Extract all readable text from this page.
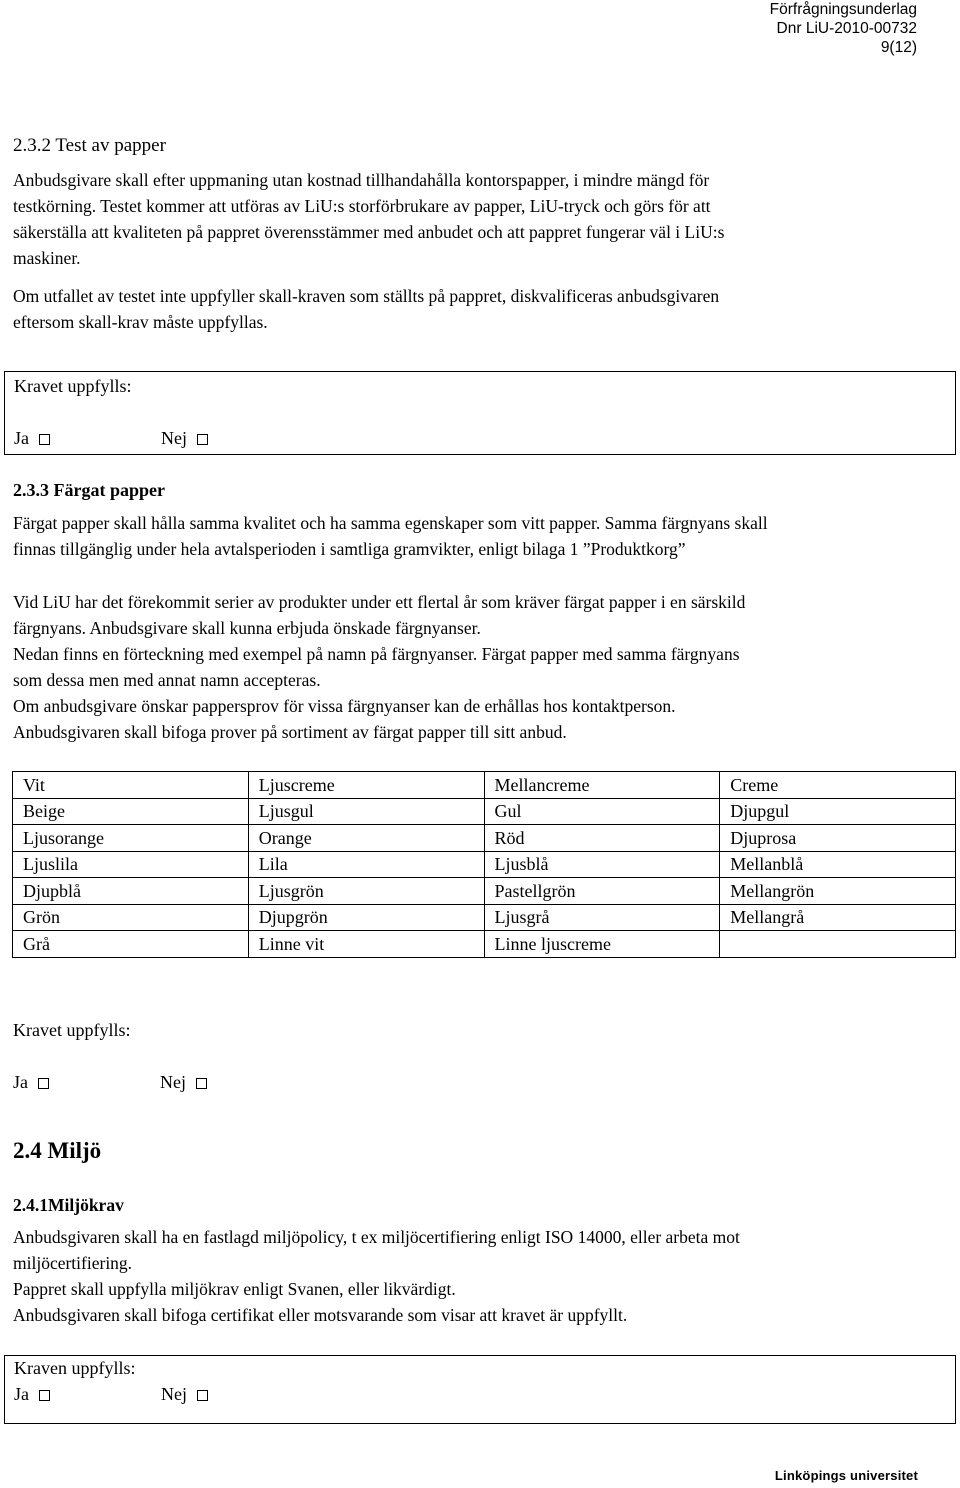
Förfrågningsunderlag
Dnr LiU-2010-00732
9(12)
2.3.2 Test av papper
Anbudsgivare skall efter uppmaning utan kostnad tillhandahålla kontorspapper, i mindre mängd för
testkörning. Testet kommer att utföras av LiU:s storförbrukare av papper, LiU-tryck och görs för att
säkerställa att kvaliteten på pappret överensstämmer med anbudet och att pappret fungerar väl i LiU:s
maskiner.
Om utfallet av testet inte uppfyller skall-kraven som ställts på pappret, diskvalificeras anbudsgivaren
eftersom skall-krav måste uppfyllas.
Kravet uppfylls:
Ja	Nej
2.3.3 Färgat papper
Färgat papper skall hålla samma kvalitet och ha samma egenskaper som vitt papper. Samma färgnyans skall
finnas tillgänglig under hela avtalsperioden i samtliga gramvikter, enligt bilaga 1 ”Produktkorg”
Vid LiU har det förekommit serier av produkter under ett flertal år som kräver färgat papper i en särskild
färgnyans. Anbudsgivare skall kunna erbjuda önskade färgnyanser.
Nedan finns en förteckning med exempel på namn på färgnyanser. Färgat papper med samma färgnyans
som dessa men med annat namn accepteras.
Om anbudsgivare önskar pappersprov för vissa färgnyanser kan de erhållas hos kontaktperson.
Anbudsgivaren skall bifoga prover på sortiment av färgat papper till sitt anbud.
Vit	Ljuscreme	Mellancreme	Creme
Beige	Ljusgul	Gul	Djupgul
Ljusorange	Orange	Röd	Djuprosa
Ljuslila	Lila	Ljusblå	Mellanblå
Djupblå	Ljusgrön	Pastellgrön	Mellangrön
Grön	Djupgrön	Ljusgrå	Mellangrå
Grå	Linne vit	Linne ljuscreme	
Kravet uppfylls:
Ja	Nej
2.4 Miljö
2.4.1Miljökrav
Anbudsgivaren skall ha en fastlagd miljöpolicy, t ex miljöcertifiering enligt ISO 14000, eller arbeta mot
miljöcertifiering.
Pappret skall uppfylla miljökrav enligt Svanen, eller likvärdigt.
Anbudsgivaren skall bifoga certifikat eller motsvarande som visar att kravet är uppfyllt.
Kraven uppfylls:
Ja	Nej
Linköpings universitet
